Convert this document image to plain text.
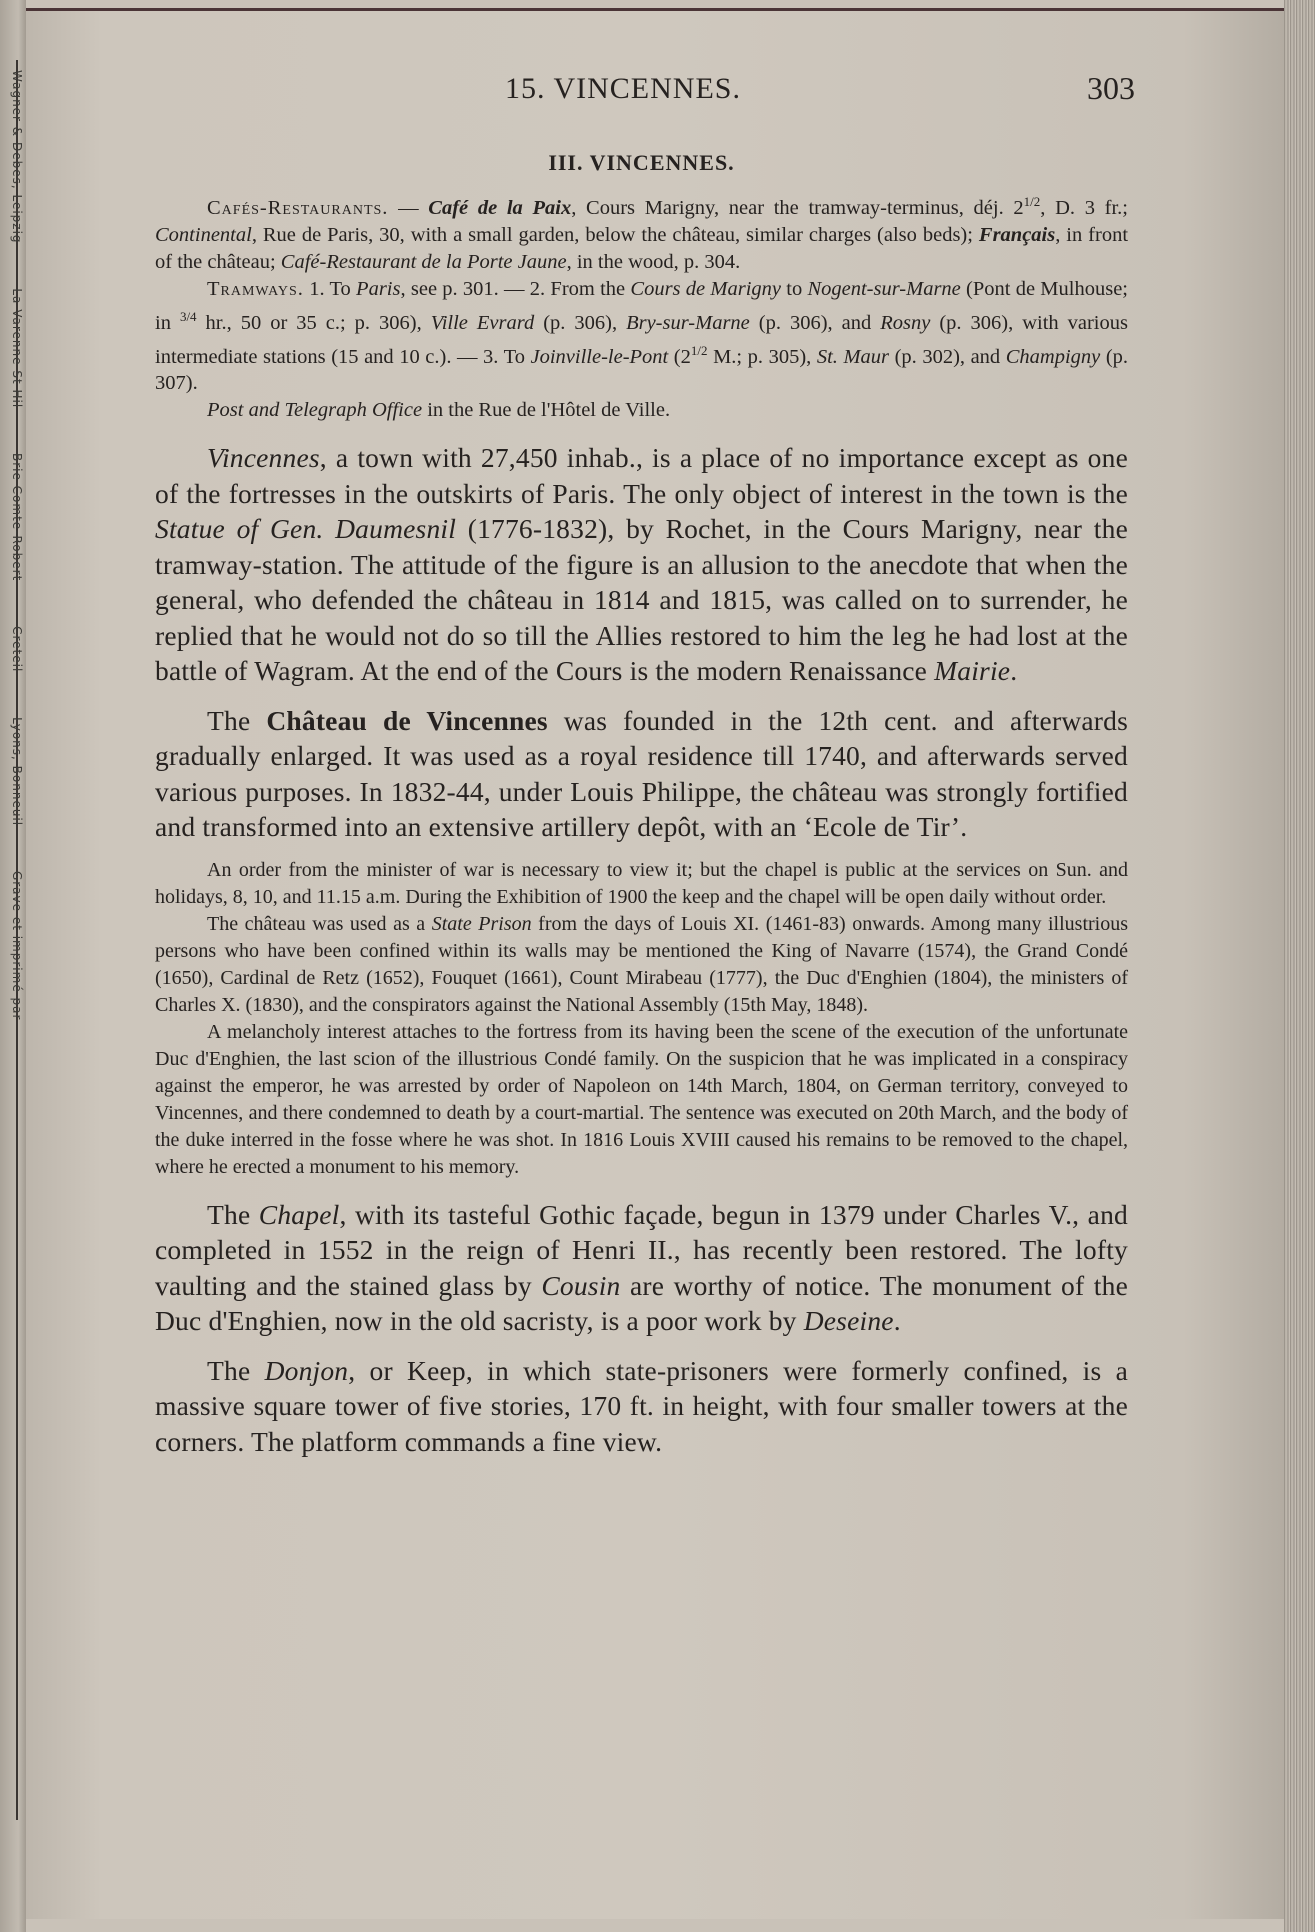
Wagner & Debes, Leipzig La Varenne St Hil Brie Comte-Robert Creteil Lyons, Bonneuil Grave et imprimé par
15. VINCENNES.	303
III. VINCENNES.

Cafés-Restaurants. — Café de la Paix, Cours Marigny, near the tramway-terminus, déj. $2^{1/2}$, D. 3 fr.; Continental, Rue de Paris, 30, with a small garden, below the château, similar charges (also beds); Français, in front of the château; Café-Restaurant de la Porte Jaune, in the wood, p. 304.

Tramways. 1. To Paris, see p. 301. — 2. From the Cours de Marigny to Nogent-sur-Marne (Pont de Mulhouse; in $^{3/4}$ hr., 50 or 35 c.; p. 306), Ville Evrard (p. 306), Bry-sur-Marne (p. 306), and Rosny (p. 306), with various intermediate stations (15 and 10 c.). — 3. To Joinville-le-Pont ($2^{1/2}$ M.; p. 305), St. Maur (p. 302), and Champigny (p. 307).

Post and Telegraph Office in the Rue de l'Hôtel de Ville.

Vincennes, a town with 27,450 inhab., is a place of no importance except as one of the fortresses in the outskirts of Paris. The only object of interest in the town is the Statue of Gen. Daumesnil (1776-1832), by Rochet, in the Cours Marigny, near the tramway-station. The attitude of the figure is an allusion to the anecdote that when the general, who defended the château in 1814 and 1815, was called on to surrender, he replied that he would not do so till the Allies restored to him the leg he had lost at the battle of Wagram. At the end of the Cours is the modern Renaissance Mairie.

The Château de Vincennes was founded in the 12th cent. and afterwards gradually enlarged. It was used as a royal residence till 1740, and afterwards served various purposes. In 1832-44, under Louis Philippe, the château was strongly fortified and transformed into an extensive artillery depôt, with an ‘Ecole de Tir’.

An order from the minister of war is necessary to view it; but the chapel is public at the services on Sun. and holidays, 8, 10, and 11.15 a.m. During the Exhibition of 1900 the keep and the chapel will be open daily without order.

The château was used as a State Prison from the days of Louis XI. (1461-83) onwards. Among many illustrious persons who have been confined within its walls may be mentioned the King of Navarre (1574), the Grand Condé (1650), Cardinal de Retz (1652), Fouquet (1661), Count Mirabeau (1777), the Duc d'Enghien (1804), the ministers of Charles X. (1830), and the conspirators against the National Assembly (15th May, 1848).

A melancholy interest attaches to the fortress from its having been the scene of the execution of the unfortunate Duc d'Enghien, the last scion of the illustrious Condé family. On the suspicion that he was implicated in a conspiracy against the emperor, he was arrested by order of Napoleon on 14th March, 1804, on German territory, conveyed to Vincennes, and there condemned to death by a court-martial. The sentence was executed on 20th March, and the body of the duke interred in the fosse where he was shot. In 1816 Louis XVIII caused his remains to be removed to the chapel, where he erected a monument to his memory.

The Chapel, with its tasteful Gothic façade, begun in 1379 under Charles V., and completed in 1552 in the reign of Henri II., has recently been restored. The lofty vaulting and the stained glass by Cousin are worthy of notice. The monument of the Duc d'Enghien, now in the old sacristy, is a poor work by Deseine.

The Donjon, or Keep, in which state-prisoners were formerly confined, is a massive square tower of five stories, 170 ft. in height, with four smaller towers at the corners. The platform commands a fine view.
